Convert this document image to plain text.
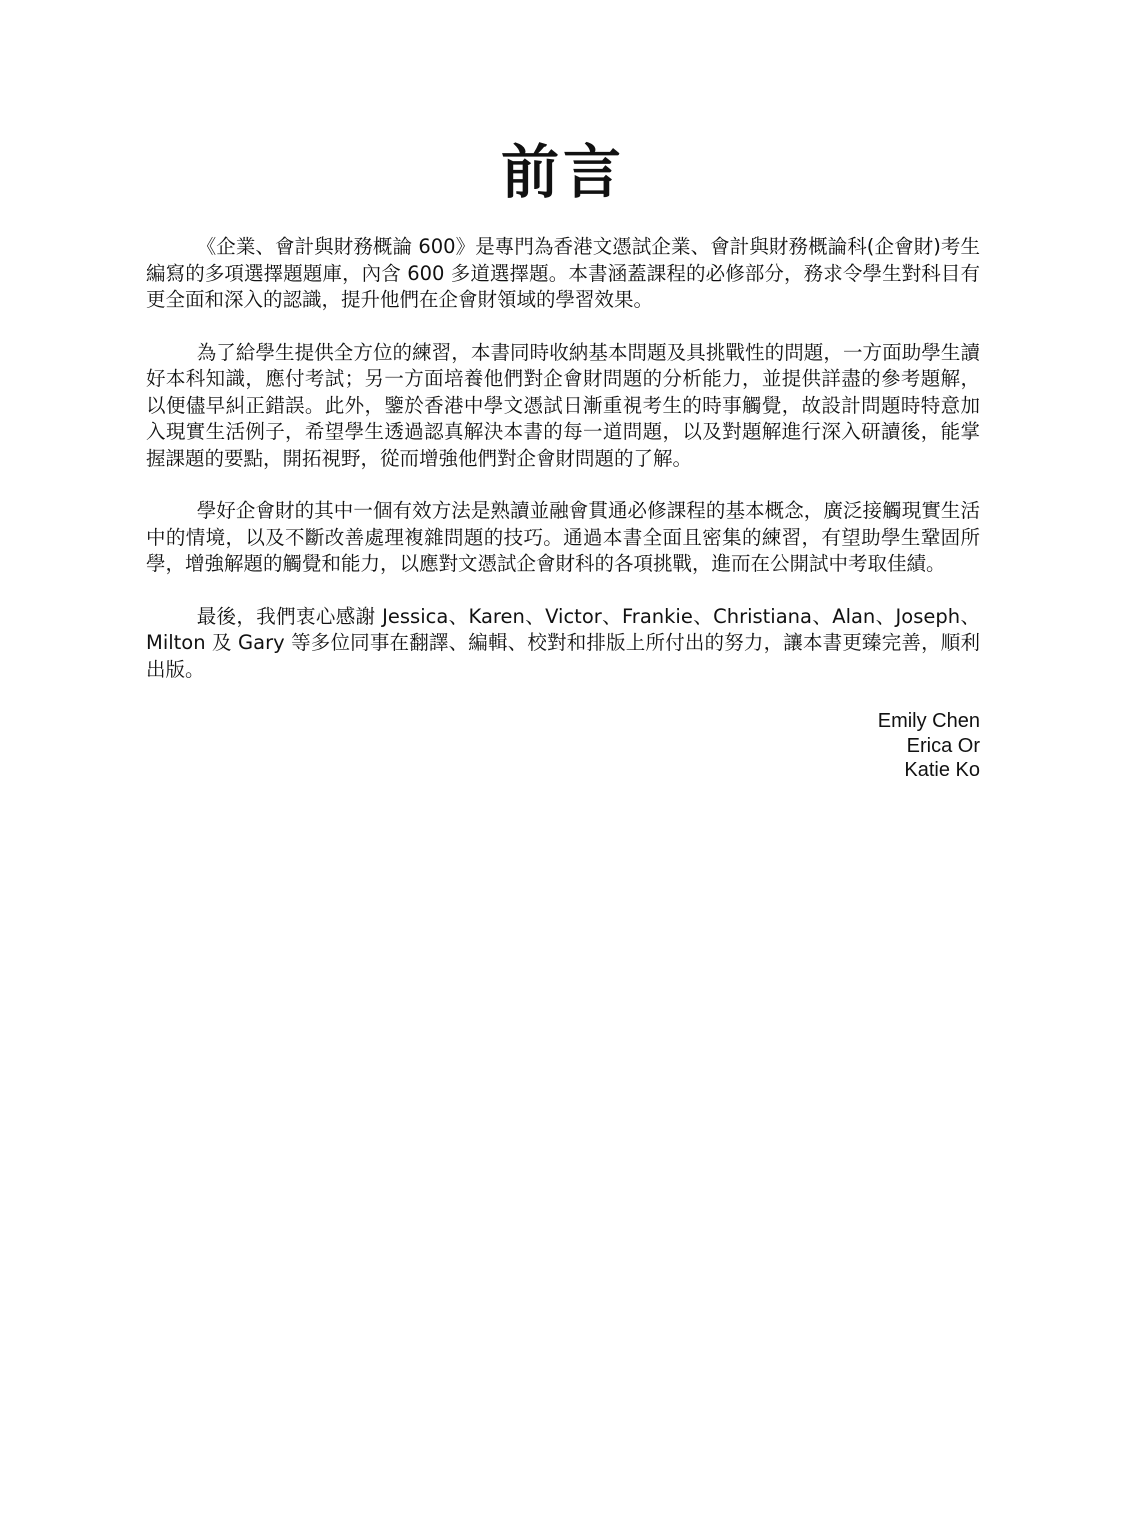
前言

《企業、會計與財務概論 600》是專門為香港文憑試企業、會計與財務概論科(企會財)考生編寫的多項選擇題題庫，內含 600 多道選擇題。本書涵蓋課程的必修部分，務求令學生對科目有更全面和深入的認識，提升他們在企會財領域的學習效果。

為了給學生提供全方位的練習，本書同時收納基本問題及具挑戰性的問題，一方面助學生讀好本科知識，應付考試；另一方面培養他們對企會財問題的分析能力，並提供詳盡的參考題解，以便儘早糾正錯誤。此外，鑒於香港中學文憑試日漸重視考生的時事觸覺，故設計問題時特意加入現實生活例子，希望學生透過認真解決本書的每一道問題，以及對題解進行深入研讀後，能掌握課題的要點，開拓視野，從而增強他們對企會財問題的了解。

學好企會財的其中一個有效方法是熟讀並融會貫通必修課程的基本概念，廣泛接觸現實生活中的情境，以及不斷改善處理複雜問題的技巧。通過本書全面且密集的練習，有望助學生鞏固所學，增強解題的觸覺和能力，以應對文憑試企會財科的各項挑戰，進而在公開試中考取佳績。

最後，我們衷心感謝 Jessica、Karen、Victor、Frankie、Christiana、Alan、Joseph、Milton 及 Gary 等多位同事在翻譯、編輯、校對和排版上所付出的努力，讓本書更臻完善，順利出版。

Emily Chen
Erica Or
Katie Ko
